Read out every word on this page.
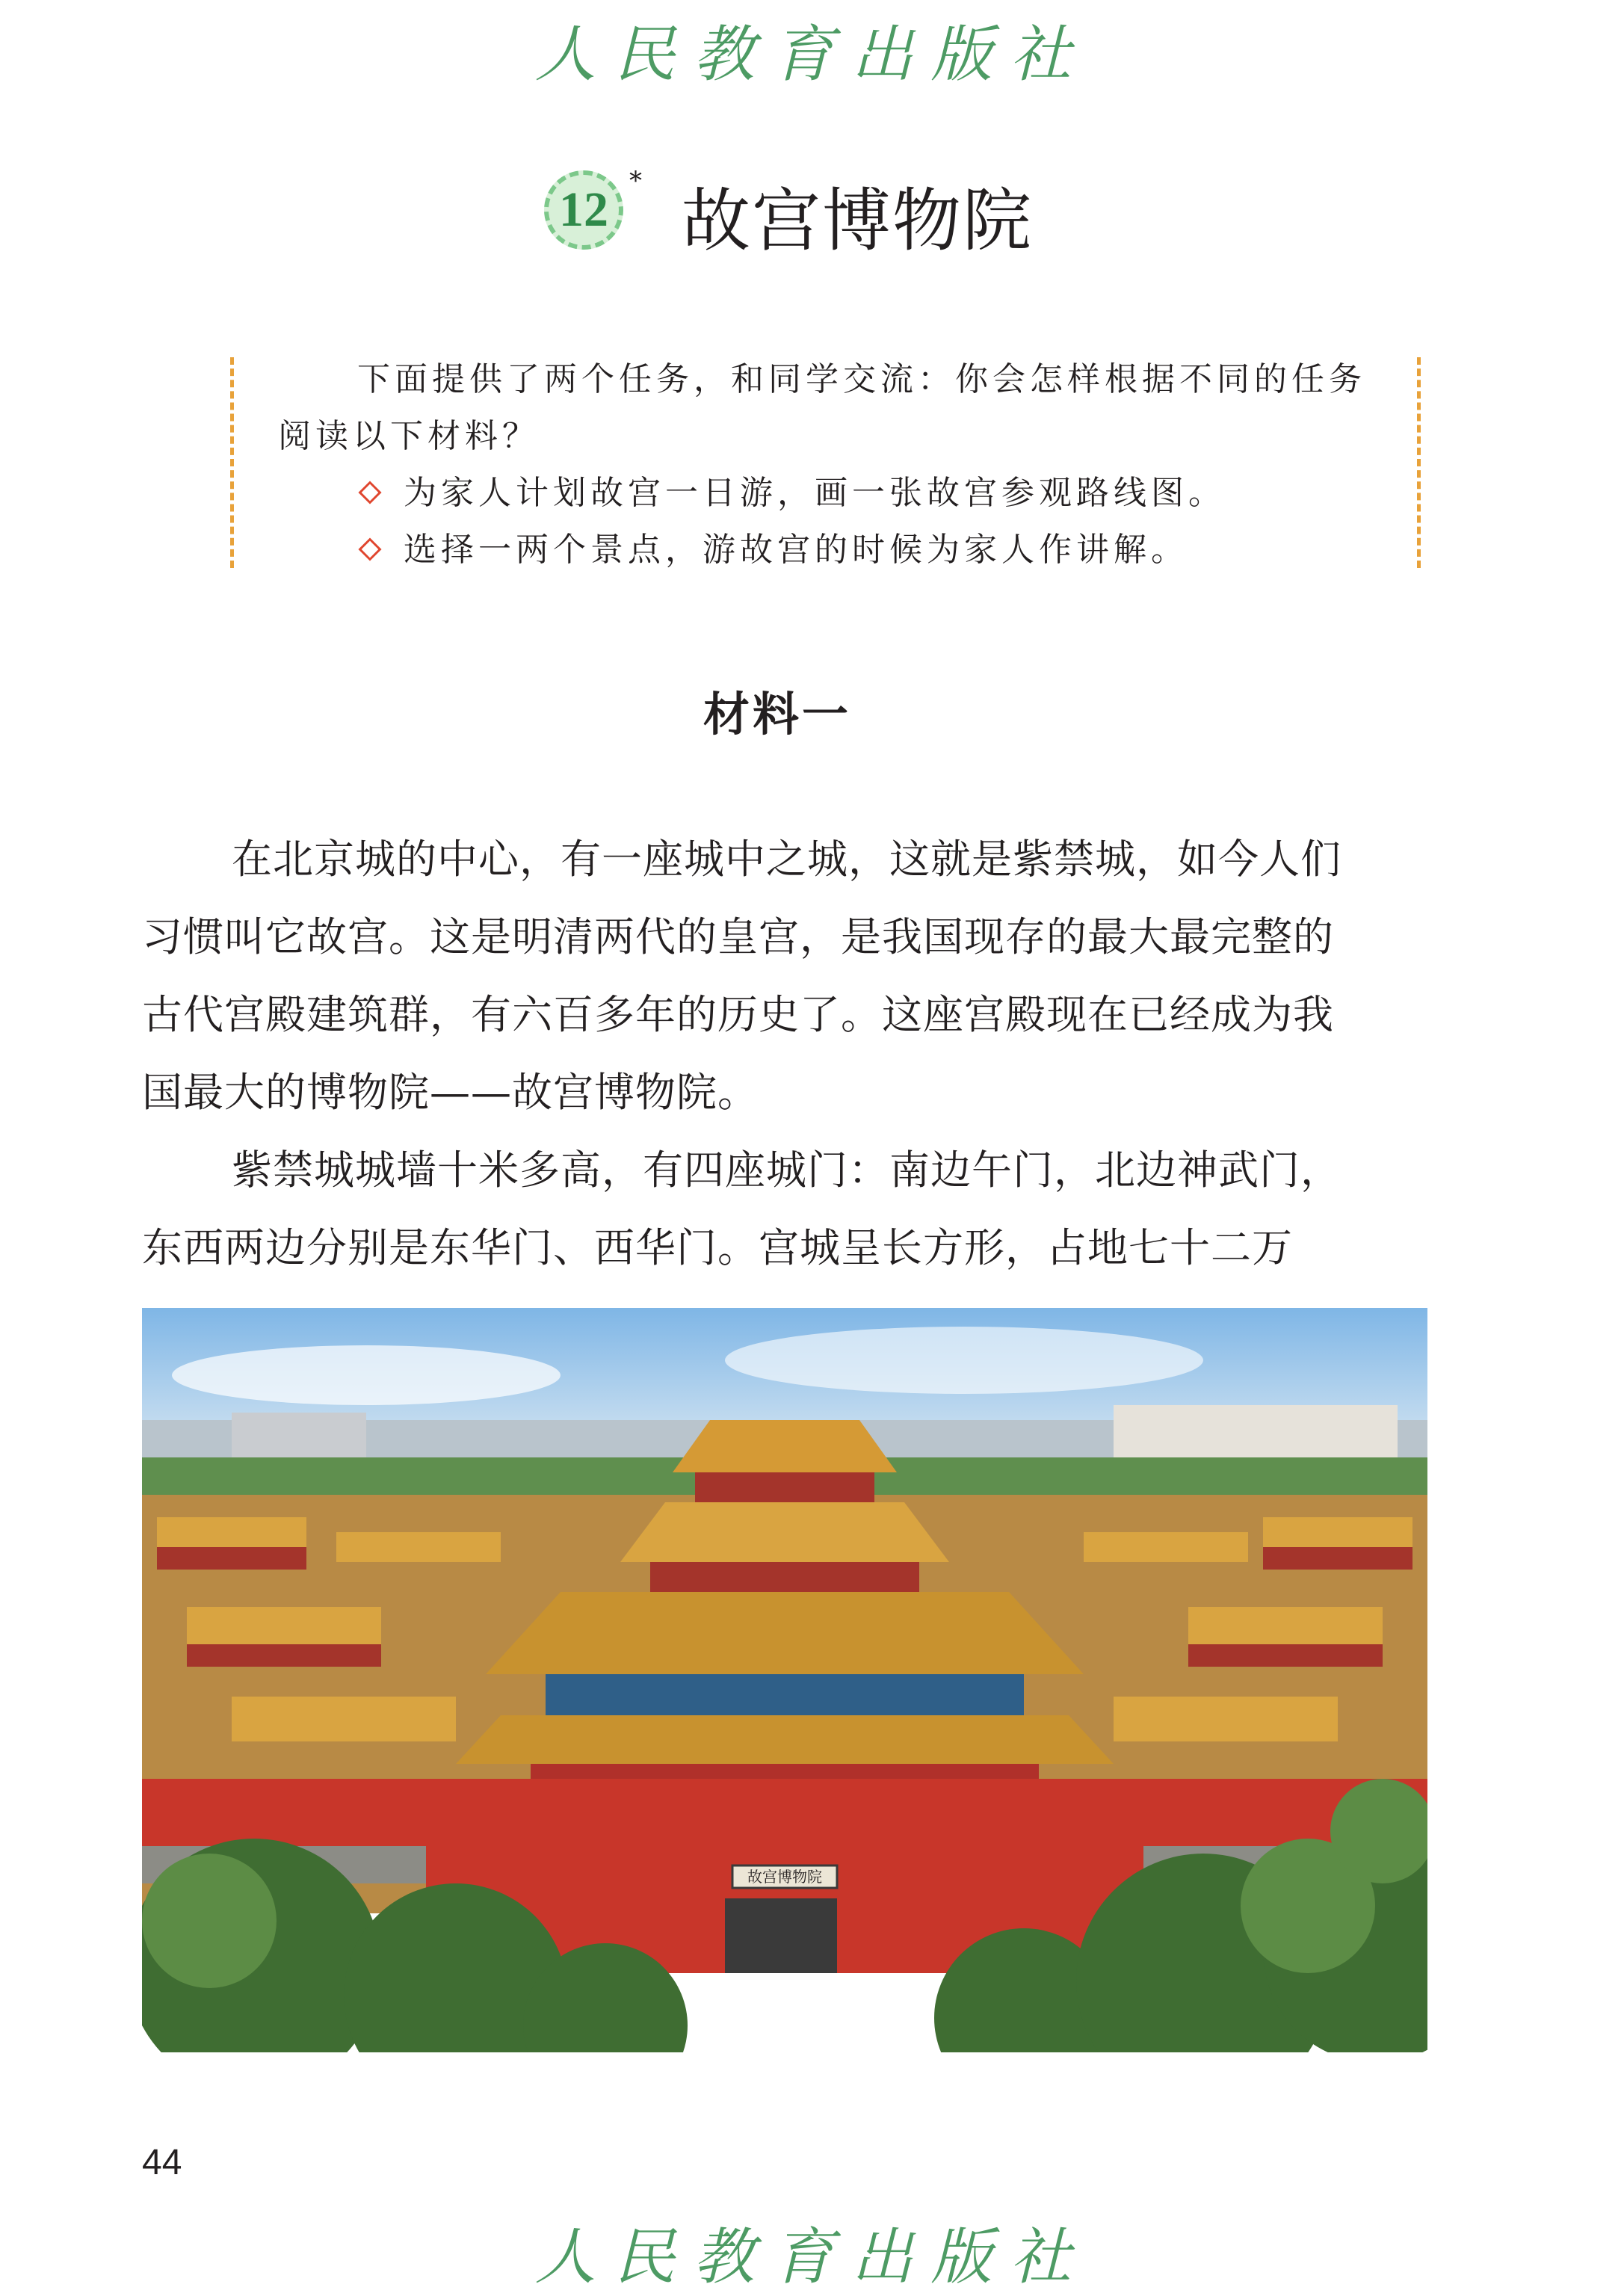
人民教育出版社
12
* 故宫博物院
下面提供了两个任务，和同学交流：你会怎样根据不同的任务
阅读以下材料？
为家人计划故宫一日游，画一张故宫参观路线图。
选择一两个景点，游故宫的时候为家人作讲解。
材料一
在北京城的中心，有一座城中之城，这就是紫禁城，如今人们
习惯叫它故宫。这是明清两代的皇宫，是我国现存的最大最完整的
古代宫殿建筑群，有六百多年的历史了。这座宫殿现在已经成为我
国最大的博物院——故宫博物院。
紫禁城城墙十米多高，有四座城门：南边午门，北边神武门，
东西两边分别是东华门、西华门。宫城呈长方形，占地七十二万
故宫博物院
44
人民教育出版社
